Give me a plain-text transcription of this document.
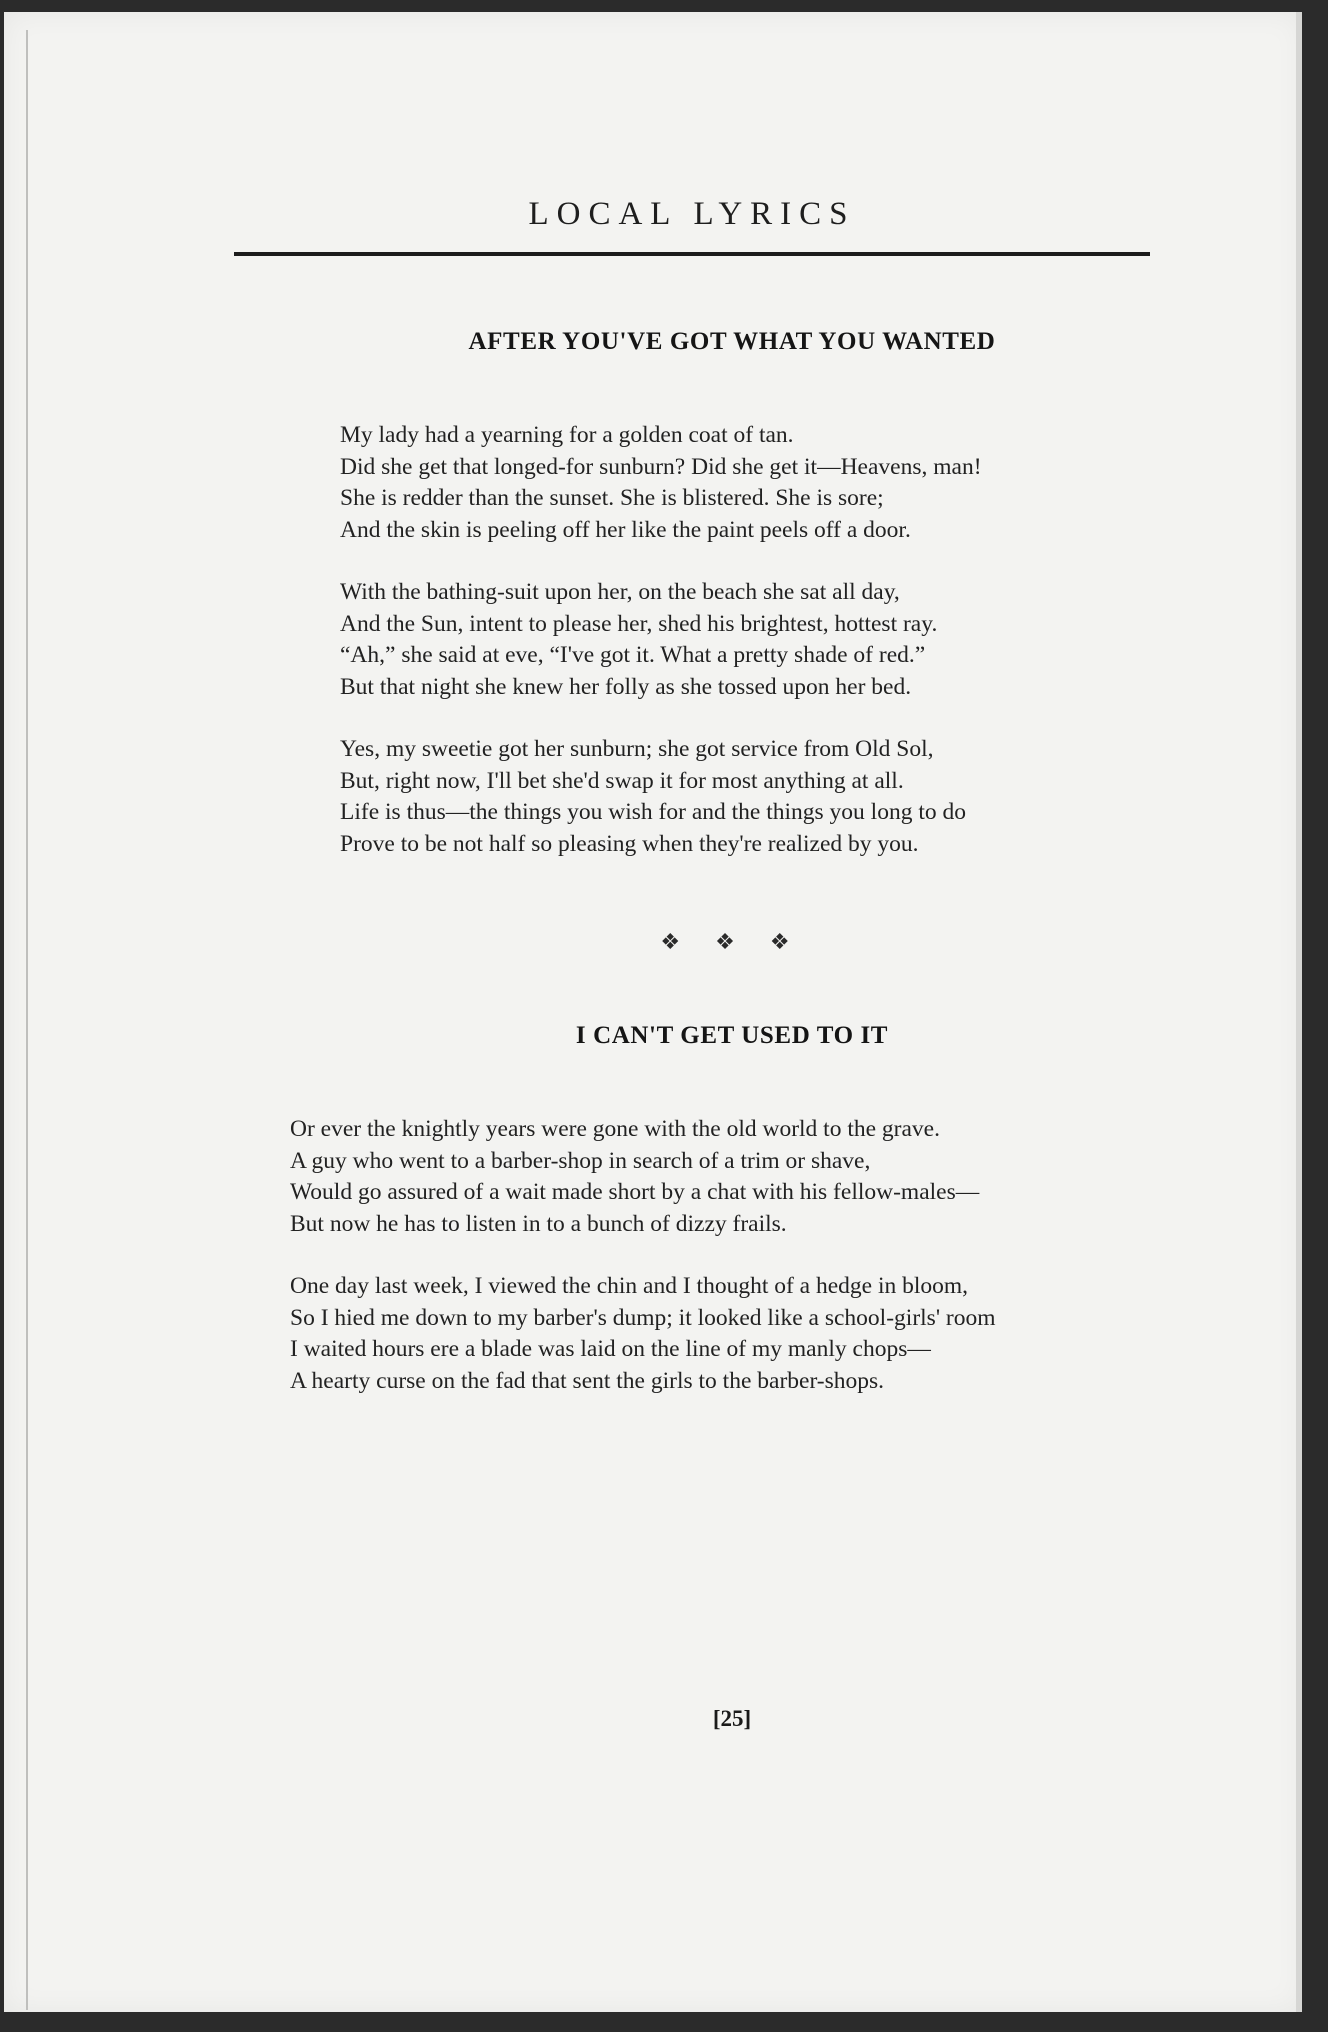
LOCAL LYRICS
AFTER YOU'VE GOT WHAT YOU WANTED
My lady had a yearning for a golden coat of tan.
Did she get that longed-for sunburn? Did she get it—Heavens, man!
She is redder than the sunset. She is blistered. She is sore;
And the skin is peeling off her like the paint peels off a door.
With the bathing-suit upon her, on the beach she sat all day,
And the Sun, intent to please her, shed his brightest, hottest ray.
“Ah,” she said at eve, “I've got it. What a pretty shade of red.”
But that night she knew her folly as she tossed upon her bed.
Yes, my sweetie got her sunburn; she got service from Old Sol,
But, right now, I'll bet she'd swap it for most anything at all.
Life is thus—the things you wish for and the things you long to do
Prove to be not half so pleasing when they're realized by you.
❖ ❖ ❖
I CAN'T GET USED TO IT
Or ever the knightly years were gone with the old world to the grave.
A guy who went to a barber-shop in search of a trim or shave,
Would go assured of a wait made short by a chat with his fellow-males—
But now he has to listen in to a bunch of dizzy frails.
One day last week, I viewed the chin and I thought of a hedge in bloom,
So I hied me down to my barber's dump; it looked like a school-girls' room
I waited hours ere a blade was laid on the line of my manly chops—
A hearty curse on the fad that sent the girls to the barber-shops.
[25]
